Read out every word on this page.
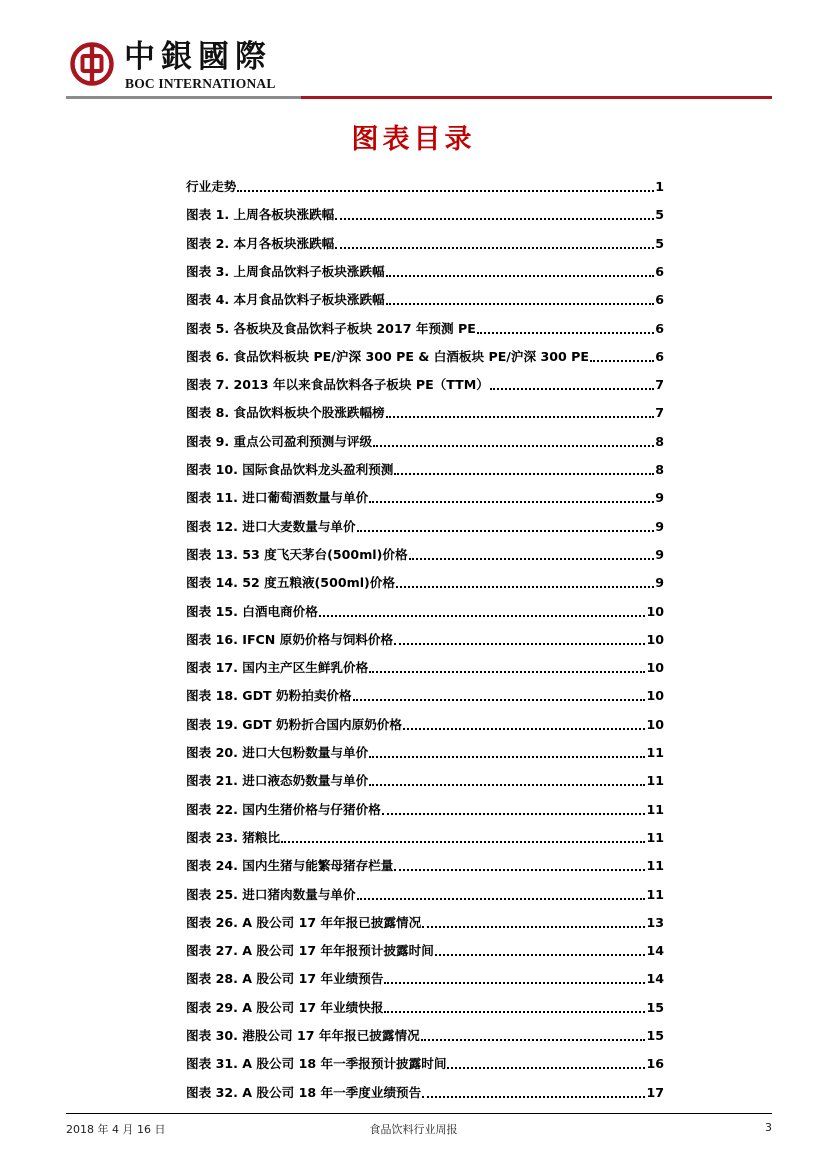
中銀國際
BOC INTERNATIONAL
图表目录
行业走势	1
图表 1. 上周各板块涨跌幅	5
图表 2. 本月各板块涨跌幅	5
图表 3. 上周食品饮料子板块涨跌幅	6
图表 4. 本月食品饮料子板块涨跌幅	6
图表 5. 各板块及食品饮料子板块 2017 年预测 PE	6
图表 6. 食品饮料板块 PE/沪深 300 PE & 白酒板块 PE/沪深 300 PE	6
图表 7. 2013 年以来食品饮料各子板块 PE（TTM）	7
图表 8. 食品饮料板块个股涨跌幅榜	7
图表 9. 重点公司盈利预测与评级	8
图表 10. 国际食品饮料龙头盈利预测	8
图表 11. 进口葡萄酒数量与单价	9
图表 12. 进口大麦数量与单价	9
图表 13. 53 度飞天茅台(500ml)价格	9
图表 14. 52 度五粮液(500ml)价格	9
图表 15. 白酒电商价格	10
图表 16. IFCN 原奶价格与饲料价格	10
图表 17. 国内主产区生鲜乳价格	10
图表 18. GDT 奶粉拍卖价格	10
图表 19. GDT 奶粉折合国内原奶价格	10
图表 20. 进口大包粉数量与单价	11
图表 21. 进口液态奶数量与单价	11
图表 22. 国内生猪价格与仔猪价格	11
图表 23. 猪粮比	11
图表 24. 国内生猪与能繁母猪存栏量	11
图表 25. 进口猪肉数量与单价	11
图表 26. A 股公司 17 年年报已披露情况	13
图表 27. A 股公司 17 年年报预计披露时间	14
图表 28. A 股公司 17 年业绩预告	14
图表 29. A 股公司 17 年业绩快报	15
图表 30. 港股公司 17 年年报已披露情况	15
图表 31. A 股公司 18 年一季报预计披露时间	16
图表 32. A 股公司 18 年一季度业绩预告	17
2018 年 4 月 16 日	食品饮料行业周报	3
